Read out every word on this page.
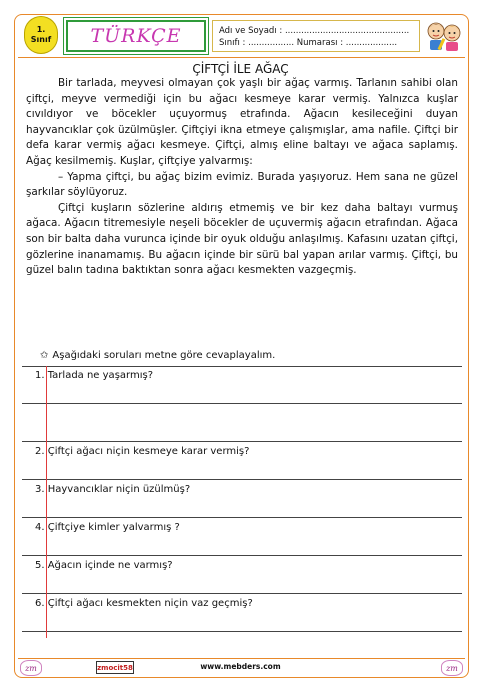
1.
Sınıf TÜRKÇE	Adı ve Soyadı : ..............................................
Sınıfı : ................. Numarası : ...................
ÇİFTÇİ İLE AĞAÇ

Bir tarlada, meyvesi olmayan çok yaşlı bir ağaç varmış. Tarlanın sahibi olan çiftçi, meyve vermediği için bu ağacı kesmeye karar vermiş. Yalnızca kuşlar cıvıldıyor ve böcekler uçuyormuş etrafında. Ağacın kesileceğini duyan hayvancıklar çok üzülmüşler. Çiftçiyi ikna etmeye çalışmışlar, ama nafile. Çiftçi bir defa karar vermiş ağacı kesmeye. Çiftçi, almış eline baltayı ve ağaca saplamış. Ağaç kesilmemiş. Kuşlar, çiftçiye yalvarmış:

– Yapma çiftçi, bu ağaç bizim evimiz. Burada yaşıyoruz. Hem sana ne güzel şarkılar söylüyoruz.

Çiftçi kuşların sözlerine aldırış etmemiş ve bir kez daha baltayı vurmuş ağaca. Ağacın titremesiyle neşeli böcekler de uçuvermiş ağacın etrafından. Ağaca son bir balta daha vurunca içinde bir oyuk olduğu anlaşılmış. Kafasını uzatan çiftçi, gözlerine inanamamış. Bu ağacın içinde bir sürü bal yapan arılar varmış. Çiftçi, bu güzel balın tadına baktıktan sonra ağacı kesmekten vazgeçmiş.

✩ Aşağıdaki soruları metne göre cevaplayalım.
1. Tarlada ne yaşarmış?
2. Çiftçi ağacı niçin kesmeye karar vermiş?
3. Hayvancıklar niçin üzülmüş?
4. Çiftçiye kimler yalvarmış ?
5. Ağacın içinde ne varmış?
6. Çiftçi ağacı kesmekten niçin vaz geçmiş?
zm	zmocit58	www.mebders.com	zm
